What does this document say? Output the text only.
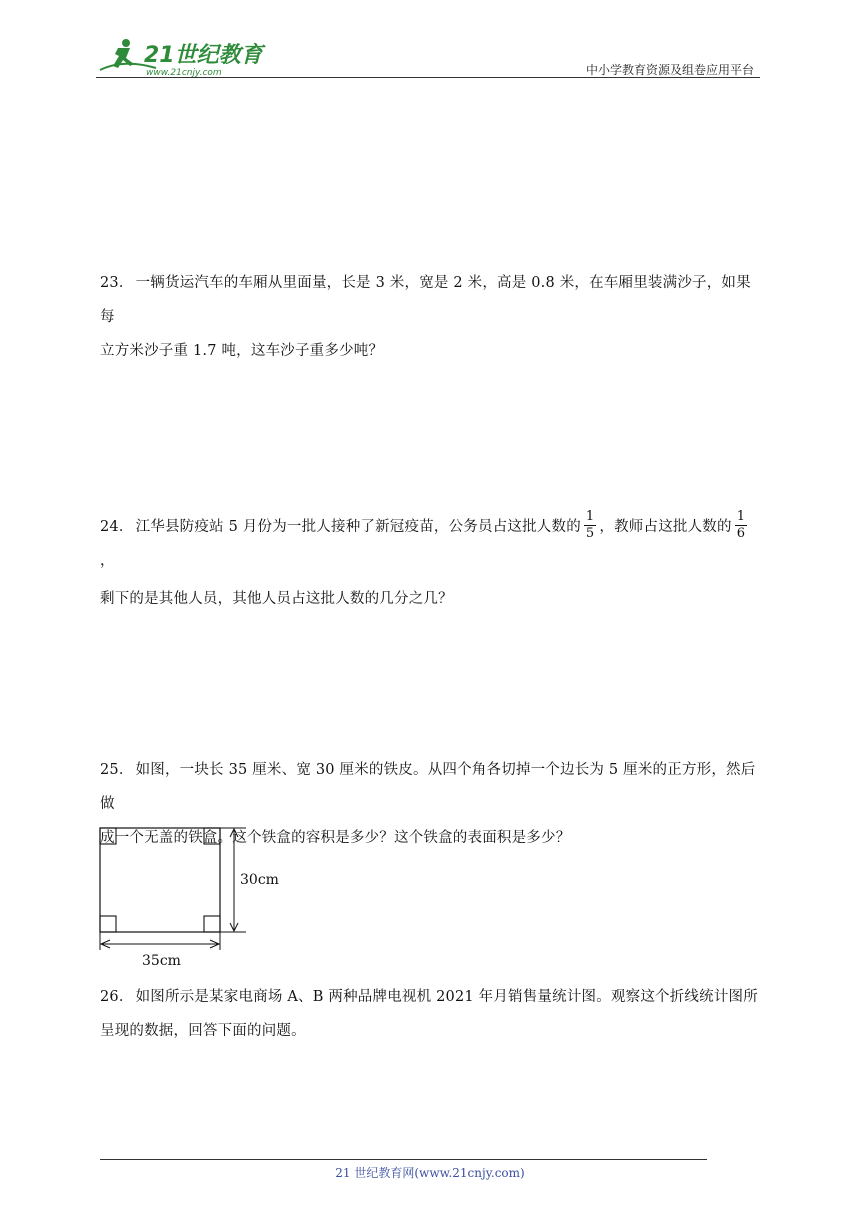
21世纪教育
www.21cnjy.com	中小学教育资源及组卷应用平台
23． 一辆货运汽车的车厢从里面量，长是 3 米，宽是 2 米，高是 0.8 米，在车厢里装满沙子，如果每
立方米沙子重 1.7 吨，这车沙子重多少吨？
24． 江华县防疫站 5 月份为一批人接种了新冠疫苗，公务员占这批人数的 $\frac{1}{5}$ ，教师占这批人数的 $\frac{1}{6}$
，
剩下的是其他人员，其他人员占这批人数的几分之几？
25． 如图，一块长 35 厘米、宽 30 厘米的铁皮。从四个角各切掉一个边长为 5 厘米的正方形，然后做
成一个无盖的铁盒。这个铁盒的容积是多少？这个铁盒的表面积是多少？
30cm
35cm
26． 如图所示是某家电商场 A、B 两种品牌电视机 2021 年月销售量统计图。观察这个折线统计图所
呈现的数据，回答下面的问题。
21 世纪教育网(www.21cnjy.com)
